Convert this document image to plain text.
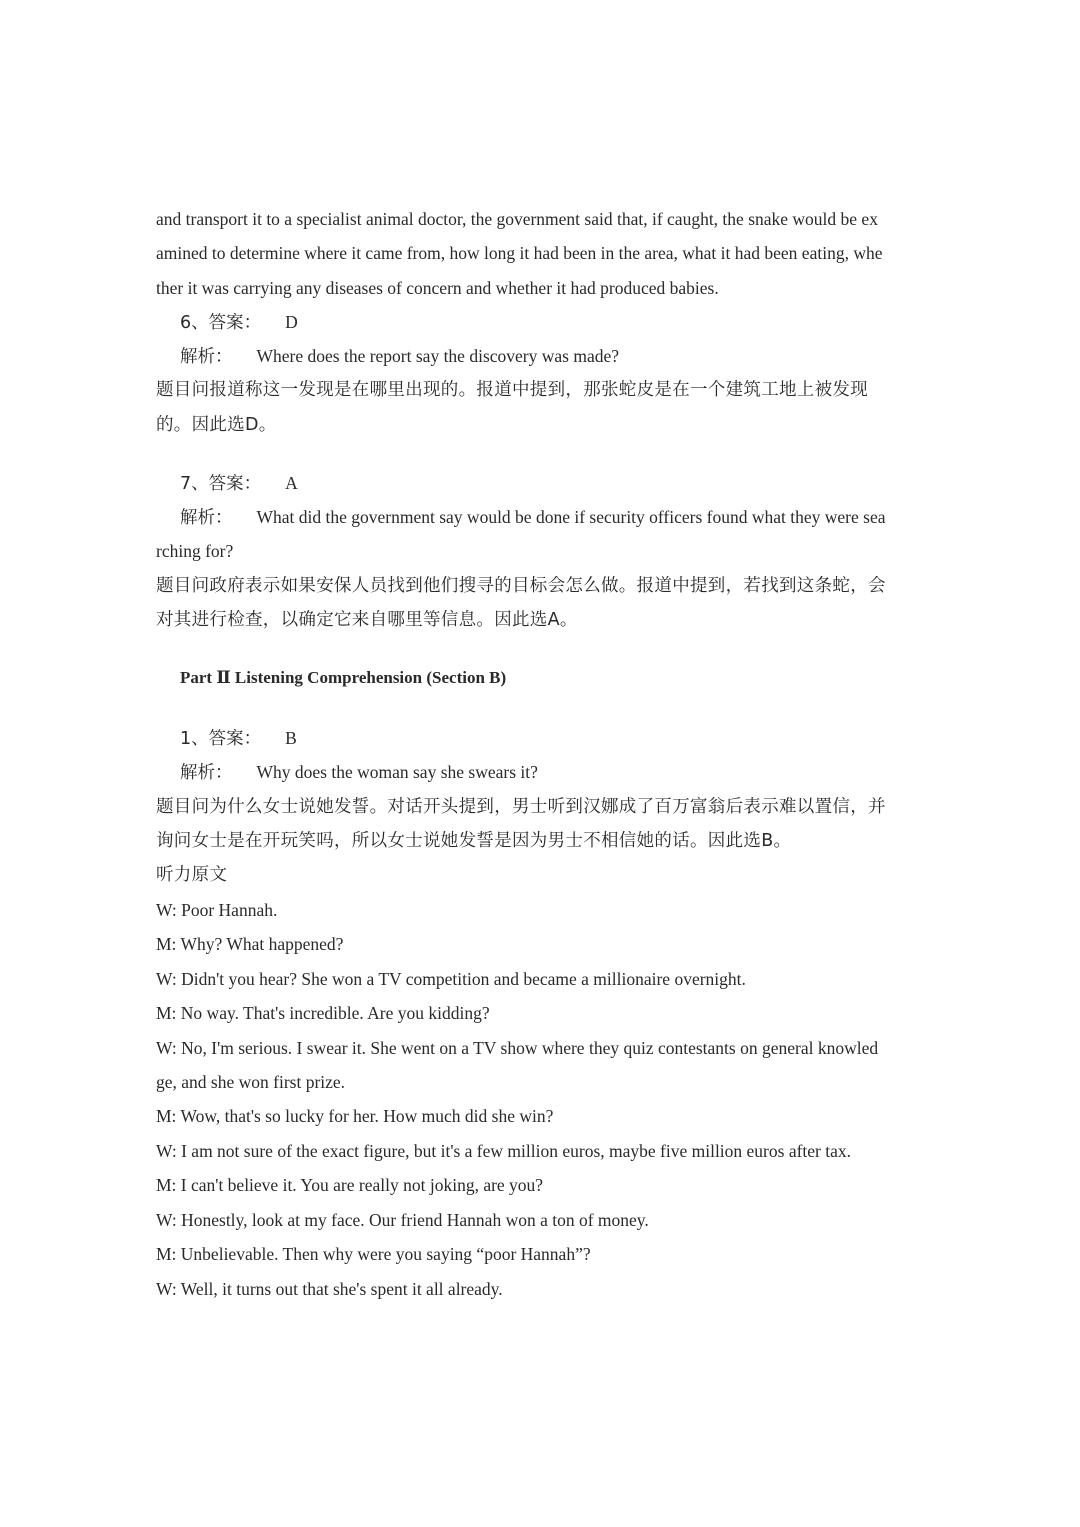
and transport it to a specialist animal doctor, the government said that, if caught, the snake would be ex
amined to determine where it came from, how long it had been in the area, what it had been eating, whe
ther it was carrying any diseases of concern and whether it had produced babies.
6、答案： D
解析： Where does the report say the discovery was made?
题目问报道称这一发现是在哪里出现的。报道中提到，那张蛇皮是在一个建筑工地上被发现
的。因此选D。
7、答案： A
解析： What did the government say would be done if security officers found what they were sea
rching for?
题目问政府表示如果安保人员找到他们搜寻的目标会怎么做。报道中提到，若找到这条蛇，会
对其进行检查，以确定它来自哪里等信息。因此选A。
Part Ⅱ Listening Comprehension (Section B)
1、答案： B
解析： Why does the woman say she swears it?
题目问为什么女士说她发誓。对话开头提到，男士听到汉娜成了百万富翁后表示难以置信，并
询问女士是在开玩笑吗，所以女士说她发誓是因为男士不相信她的话。因此选B。
听力原文
W: Poor Hannah.
M: Why? What happened?
W: Didn't you hear? She won a TV competition and became a millionaire overnight.
M: No way. That's incredible. Are you kidding?
W: No, I'm serious. I swear it. She went on a TV show where they quiz contestants on general knowled
ge, and she won first prize.
M: Wow, that's so lucky for her. How much did she win?
W: I am not sure of the exact figure, but it's a few million euros, maybe five million euros after tax.
M: I can't believe it. You are really not joking, are you?
W: Honestly, look at my face. Our friend Hannah won a ton of money.
M: Unbelievable. Then why were you saying “poor Hannah”?
W: Well, it turns out that she's spent it all already.
